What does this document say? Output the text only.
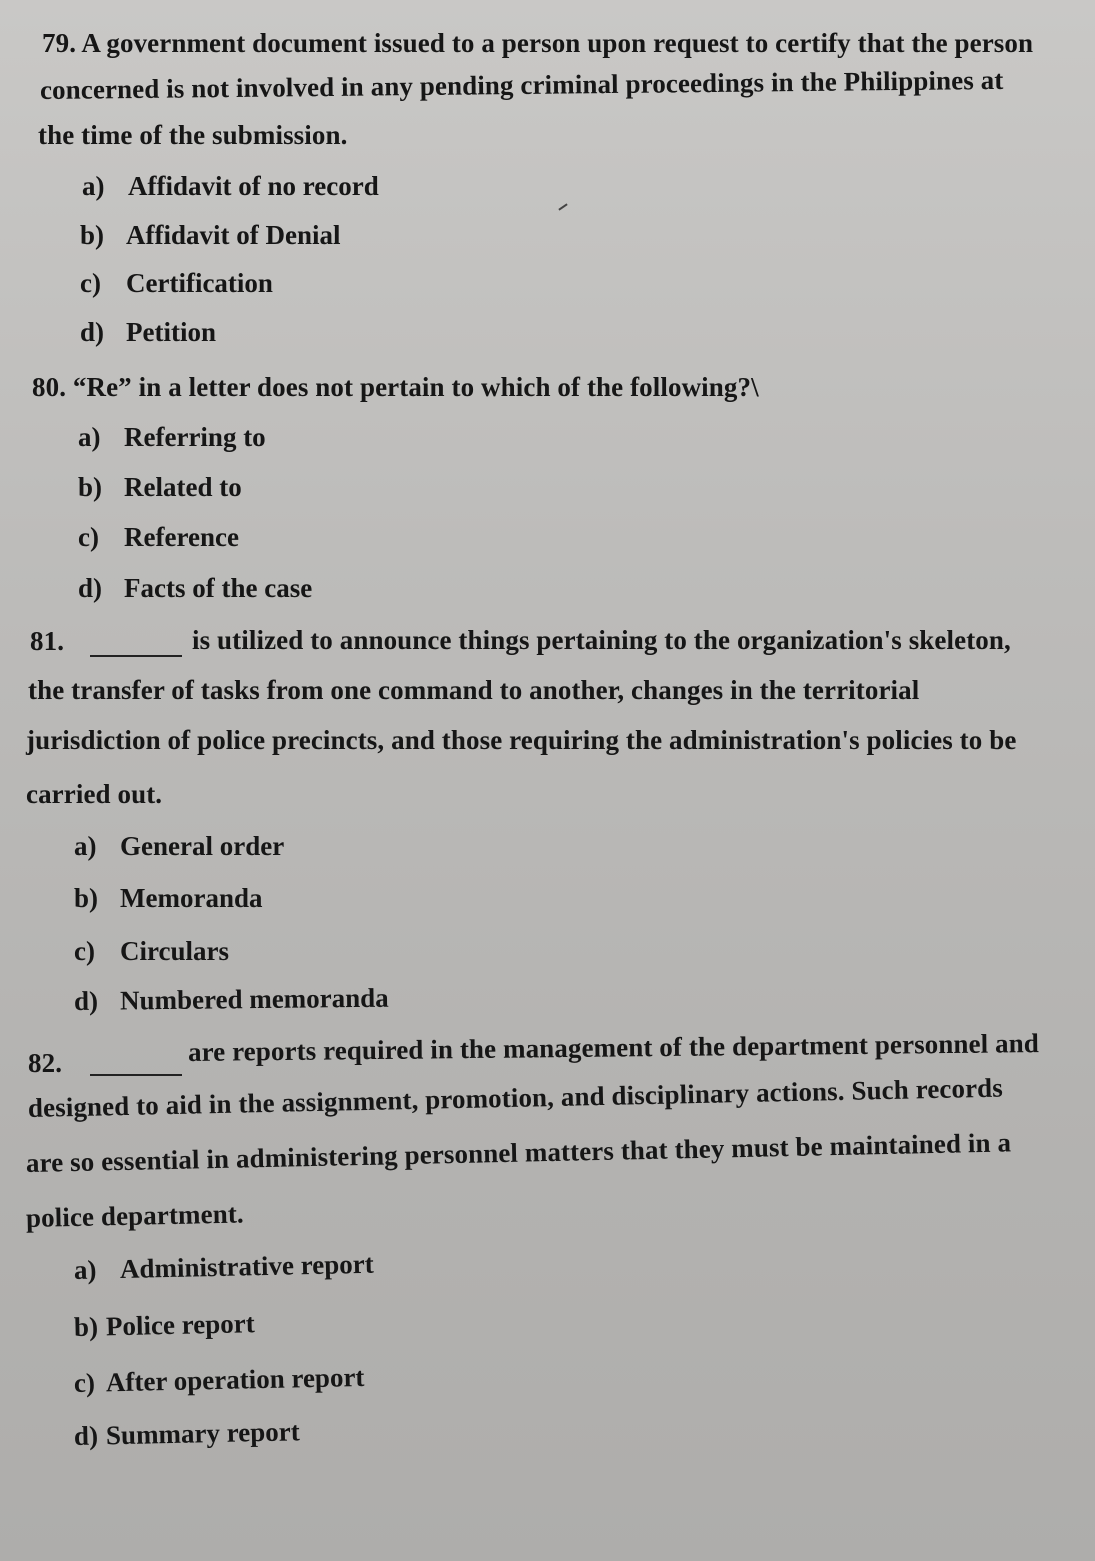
79. A government document issued to a person upon request to certify that the person
concerned is not involved in any pending criminal proceedings in the Philippines at
the time of the submission.
a) Affidavit of no record
b) Affidavit of Denial
c) Certification
d) Petition
80. “Re” in a letter does not pertain to which of the following?\
a) Referring to
b) Related to
c) Reference
d) Facts of the case
81.	is utilized to announce things pertaining to the organization's skeleton,
the transfer of tasks from one command to another, changes in the territorial
jurisdiction of police precincts, and those requiring the administration's policies to be
carried out.
a) General order
b) Memoranda
c) Circulars
d) Numbered memoranda
82.	are reports required in the management of the department personnel and
designed to aid in the assignment, promotion, and disciplinary actions. Such records
are so essential in administering personnel matters that they must be maintained in a
police department.
a) Administrative report
b) Police report
c) After operation report
d) Summary report
